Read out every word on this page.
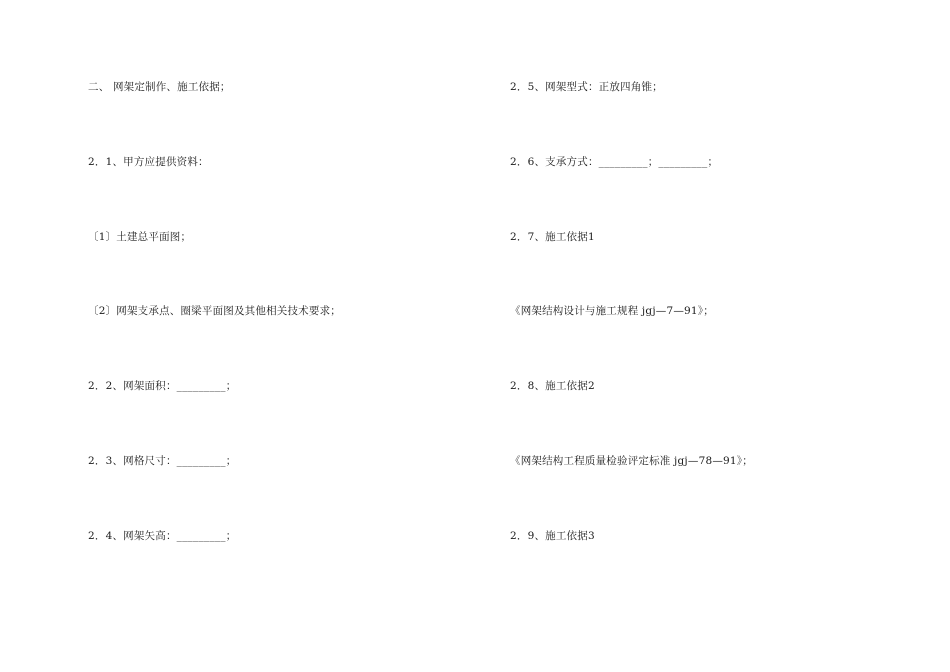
二、 网架定制作、施工依据；
2．1、甲方应提供资料：
〔1〕土建总平面图；
〔2〕网架支承点、圈梁平面图及其他相关技术要求；
2．2、网架面积：_________；
2．3、网格尺寸：_________；
2．4、网架矢高：_________；
2．5、网架型式：正放四角锥；
2．6、支承方式：_________；_________；
2．7、施工依据1
《网架结构设计与施工规程 jgj—7—91》；
2．8、施工依据2
《网架结构工程质量检验评定标准 jgj—78—91》；
2．9、施工依据3
